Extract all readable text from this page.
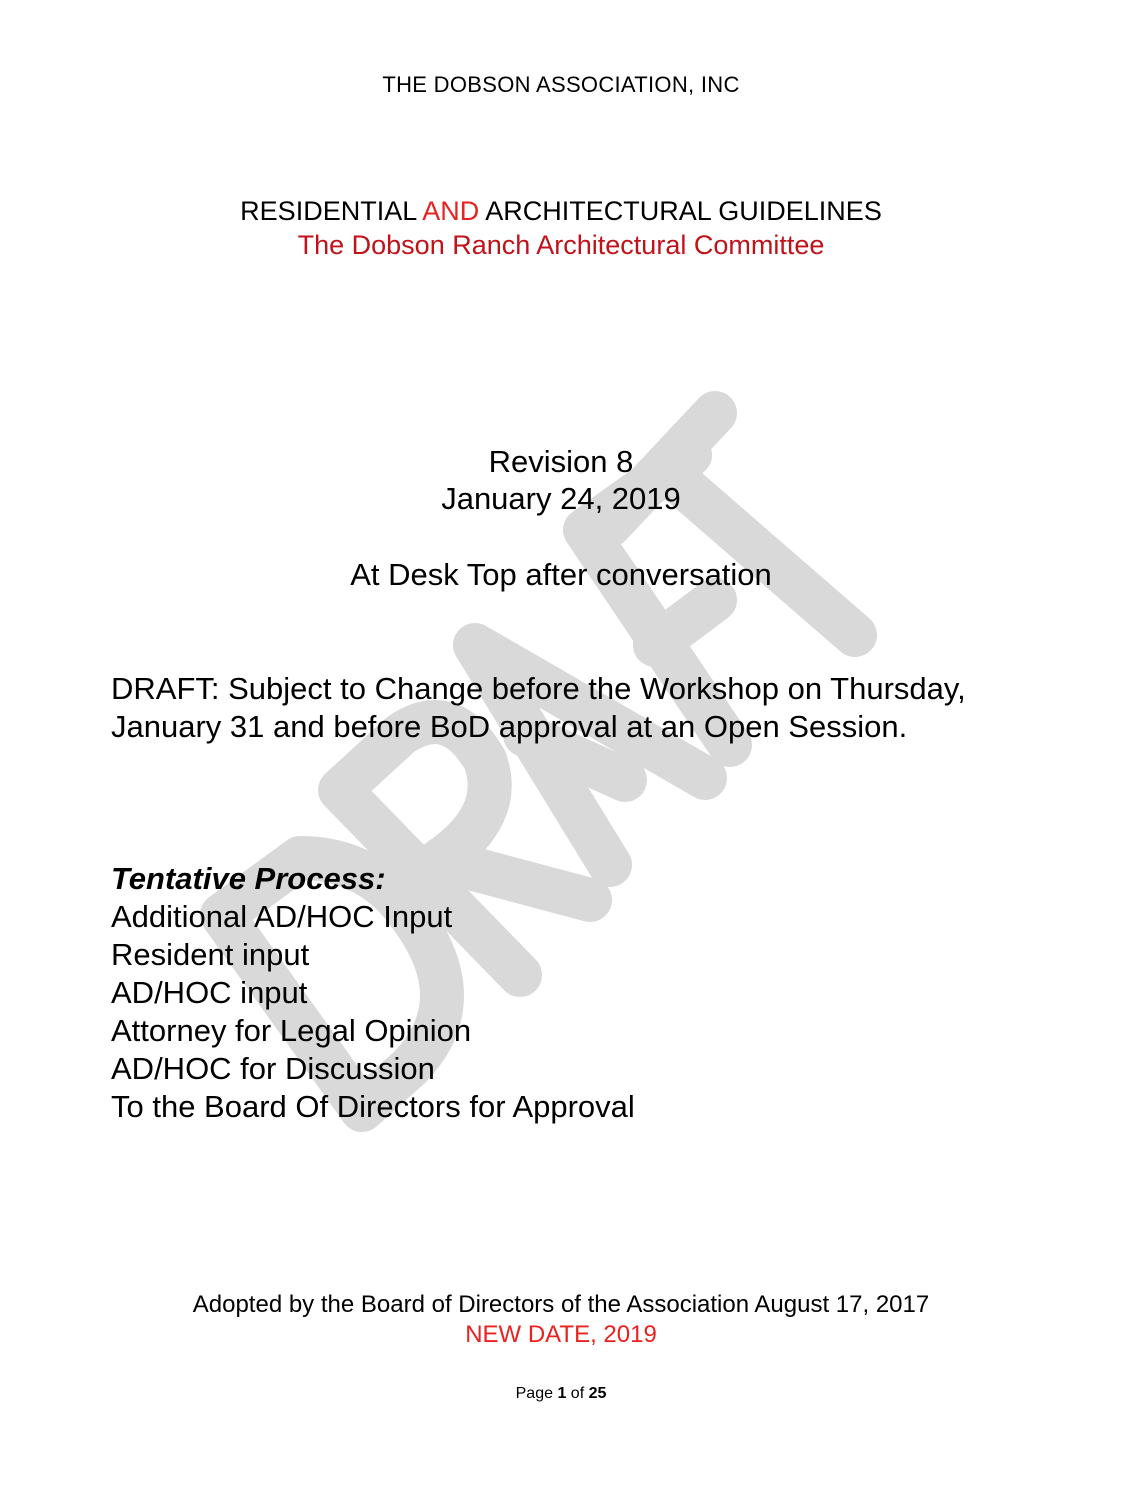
THE DOBSON ASSOCIATION, INC
RESIDENTIAL AND ARCHITECTURAL GUIDELINES
The Dobson Ranch Architectural Committee
Revision 8
January 24, 2019
At Desk Top after conversation
DRAFT: Subject to Change before the Workshop on Thursday, January 31 and before BoD approval at an Open Session.
Tentative Process:
Additional AD/HOC Input
Resident input
AD/HOC input
Attorney for Legal Opinion
AD/HOC for Discussion
To the Board Of Directors for Approval
Adopted by the Board of Directors of the Association August 17, 2017
NEW DATE, 2019
Page 1 of 25
